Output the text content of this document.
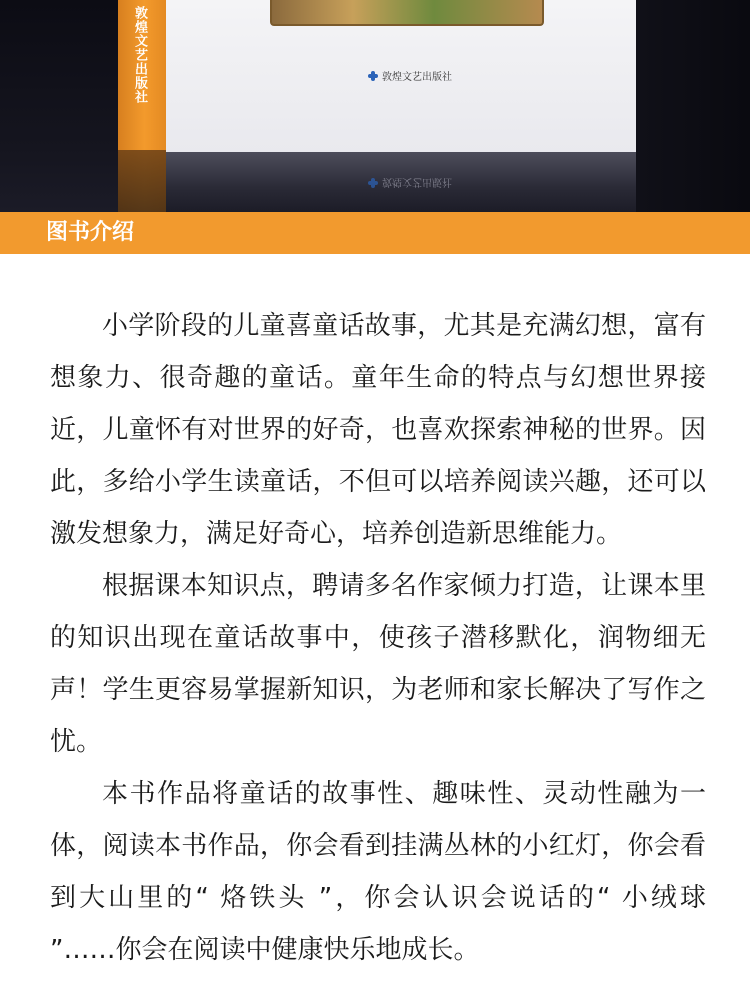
敦煌文艺出版社	敦煌文艺出版社
敦煌文艺出版社
图书介绍

小学阶段的儿童喜童话故事，尤其是充满幻想，富有想象力、很奇趣的童话。童年生命的特点与幻想世界接近，儿童怀有对世界的好奇，也喜欢探索神秘的世界。因此，多给小学生读童话，不但可以培养阅读兴趣，还可以激发想象力，满足好奇心，培养创造新思维能力。

根据课本知识点，聘请多名作家倾力打造，让课本里的知识出现在童话故事中，使孩子潜移默化，润物细无声！学生更容易掌握新知识，为老师和家长解决了写作之忧。

本书作品将童话的故事性、趣味性、灵动性融为一体，阅读本书作品，你会看到挂满丛林的小红灯，你会看到大山里的“ 烙铁头 ”，你会认识会说话的“ 小绒球 ”……你会在阅读中健康快乐地成长。
